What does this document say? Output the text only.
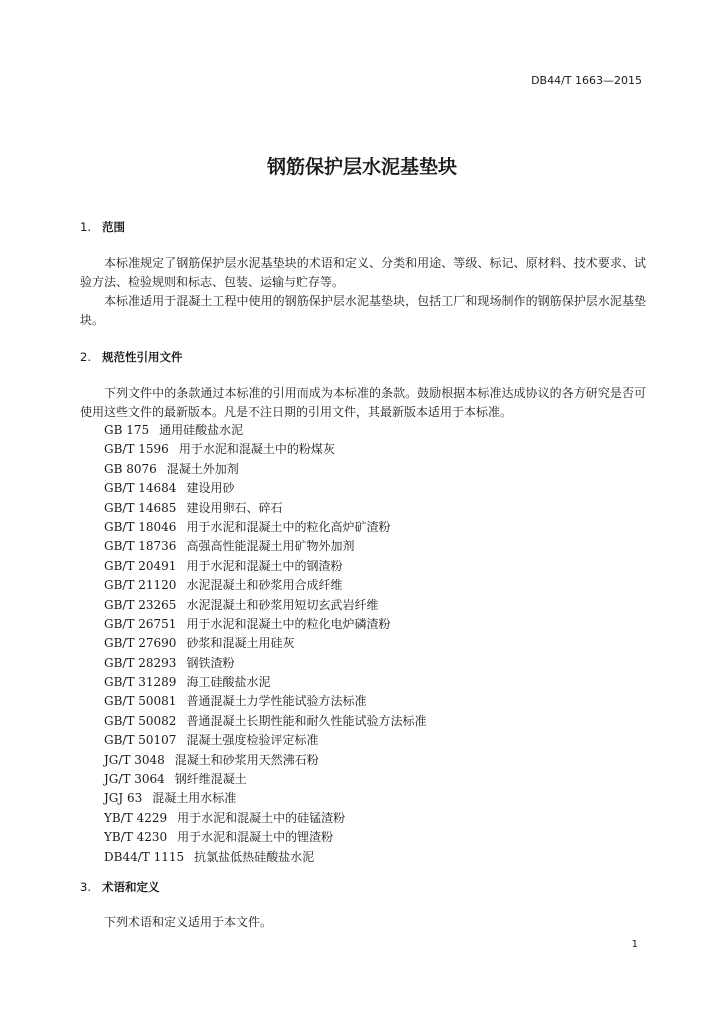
DB44/T 1663—2015
钢筋保护层水泥基垫块
1. 范围
本标准规定了钢筋保护层水泥基垫块的术语和定义、分类和用途、等级、标记、原材料、技术要求、试验方法、检验规则和标志、包装、运输与贮存等。
本标准适用于混凝土工程中使用的钢筋保护层水泥基垫块，包括工厂和现场制作的钢筋保护层水泥基垫块。
2. 规范性引用文件
下列文件中的条款通过本标准的引用而成为本标准的条款。鼓励根据本标准达成协议的各方研究是否可使用这些文件的最新版本。凡是不注日期的引用文件，其最新版本适用于本标准。
GB 175 通用硅酸盐水泥
GB/T 1596 用于水泥和混凝土中的粉煤灰
GB 8076 混凝土外加剂
GB/T 14684 建设用砂
GB/T 14685 建设用卵石、碎石
GB/T 18046 用于水泥和混凝土中的粒化高炉矿渣粉
GB/T 18736 高强高性能混凝土用矿物外加剂
GB/T 20491 用于水泥和混凝土中的钢渣粉
GB/T 21120 水泥混凝土和砂浆用合成纤维
GB/T 23265 水泥混凝土和砂浆用短切玄武岩纤维
GB/T 26751 用于水泥和混凝土中的粒化电炉磷渣粉
GB/T 27690 砂浆和混凝土用硅灰
GB/T 28293 钢铁渣粉
GB/T 31289 海工硅酸盐水泥
GB/T 50081 普通混凝土力学性能试验方法标准
GB/T 50082 普通混凝土长期性能和耐久性能试验方法标准
GB/T 50107 混凝土强度检验评定标准
JG/T 3048 混凝土和砂浆用天然沸石粉
JG/T 3064 钢纤维混凝土
JGJ 63 混凝土用水标准
YB/T 4229 用于水泥和混凝土中的硅锰渣粉
YB/T 4230 用于水泥和混凝土中的锂渣粉
DB44/T 1115 抗氯盐低热硅酸盐水泥
3. 术语和定义
下列术语和定义适用于本文件。
1
